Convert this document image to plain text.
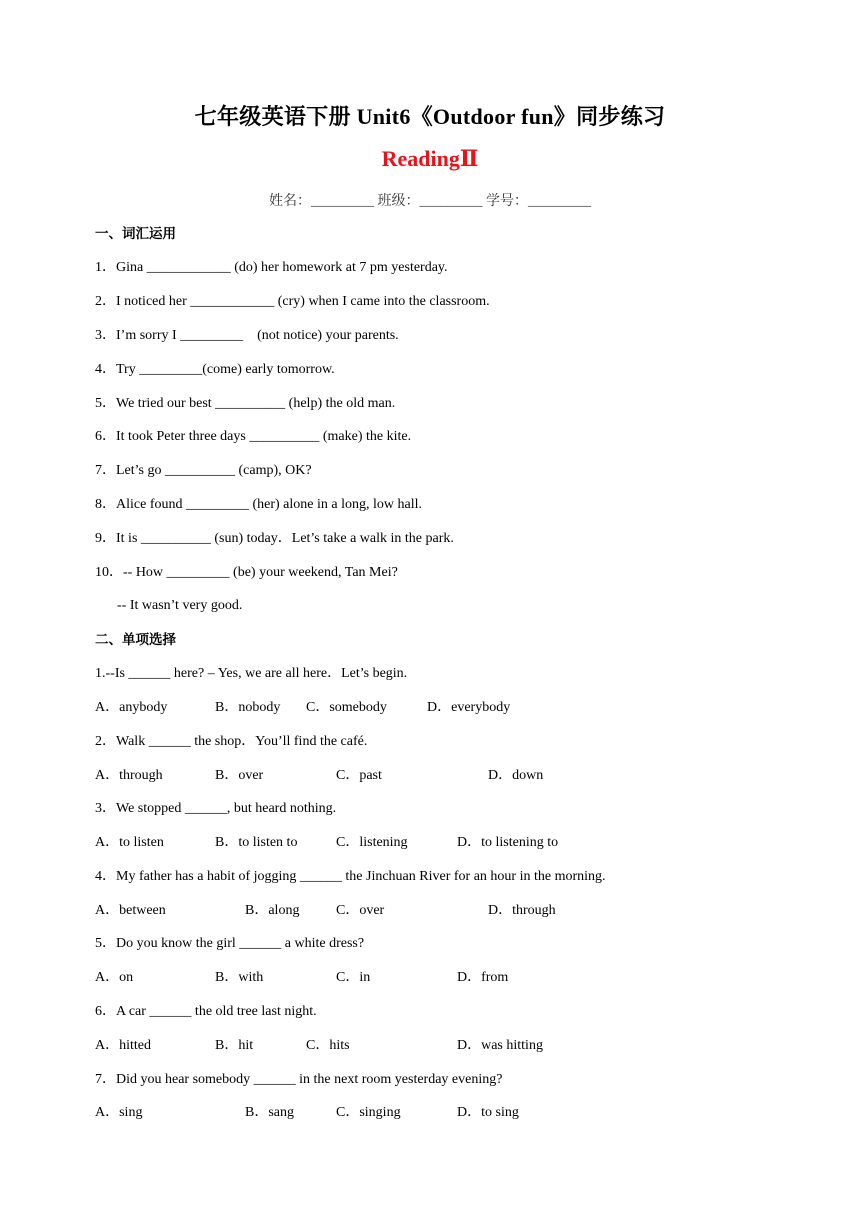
七年级英语下册 Unit6《Outdoor fun》同步练习
ReadingⅡ
姓名：_________ 班级：_________ 学号：_________
一、词汇运用
1．Gina ____________ (do) her homework at 7 pm yesterday.
2．I noticed her ____________ (cry) when I came into the classroom.
3．I’m sorry I _________    (not notice) your parents.
4．Try _________(come) early tomorrow.
5．We tried our best __________ (help) the old man.
6．It took Peter three days __________ (make) the kite.
7．Let’s go __________ (camp), OK?
8．Alice found _________ (her) alone in a long, low hall.
9．It is __________ (sun) today．Let’s take a walk in the park.
10．-- How _________ (be) your weekend, Tan Mei?
-- It wasn’t very good.
二、单项选择
1.--Is ______ here? – Yes, we are all here．Let’s begin.
A．anybody	B．nobody C．somebody	D．everybody
2．Walk ______ the shop．You’ll find the café.
A．through	B．over	C．past	D．down
3．We stopped ______, but heard nothing.
A．to listen	B．to listen to	C．listening	D．to listening to
4．My father has a habit of jogging ______ the Jinchuan River for an hour in the morning.
A．between	B．along	C．over	D．through
5．Do you know the girl ______ a white dress?
A．on	B．with	C．in	D．from
6．A car ______ the old tree last night.
A．hitted	B．hit	C．hits	D．was hitting
7．Did you hear somebody ______ in the next room yesterday evening?
A．sing	B．sang	C．singing	D．to sing
